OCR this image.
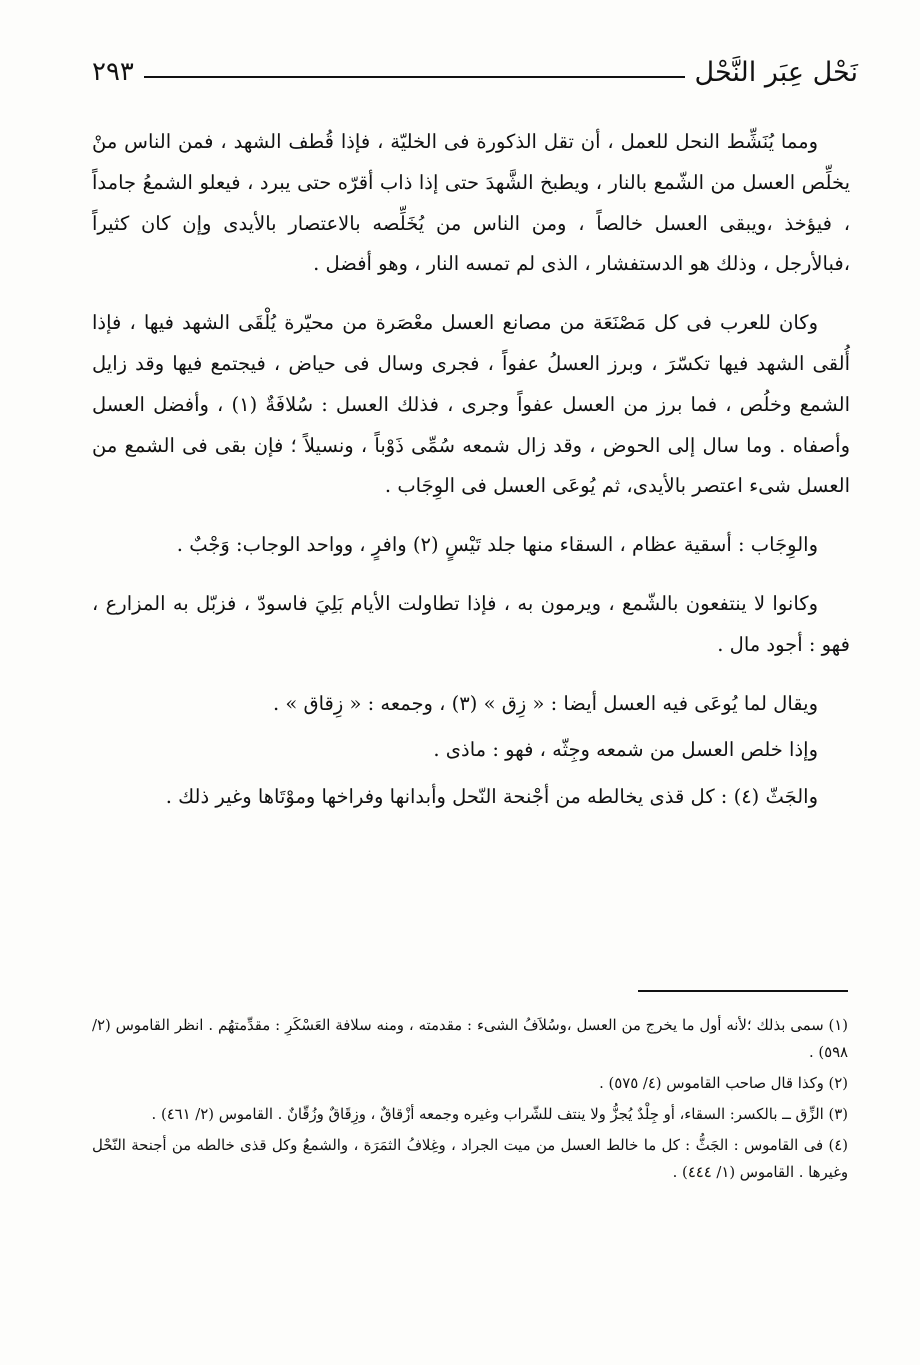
نَحْل عِبَر النَّحْل
٢٩٣

ومما يُنَشِّط النحل للعمل ، أن تقل الذكورة فى الخليّة ، فإذا قُطف الشهد ، فمن الناس منْ يخلِّص العسل من الشّمع بالنار ، ويطبخ الشَّهدَ حتى إذا ذاب أقرّه حتى يبرد ، فيعلو الشمعُ جامداً ، فيؤخذ ،ويبقى العسل خالصاً ، ومن الناس من يُخَلِّصه بالاعتصار بالأيدى وإن كان كثيراً ،فبالأرجل ، وذلك هو الدستفشار ، الذى لم تمسه النار ، وهو أفضل .

وكان للعرب فى كل مَصْنَعَة من مصانع العسل معْصَرة من محيّرة يُلْقَى الشهد فيها ، فإذا أُلقى الشهد فيها تكسّرَ ، وبرز العسلُ عفواً ، فجرى وسال فى حياض ، فيجتمع فيها وقد زايل الشمع وخلُص ، فما برز من العسل عفواً وجرى ، فذلك العسل : سُلافَةٌ (١) ، وأفضل العسل وأصفاه . وما سال إلى الحوض ، وقد زال شمعه سُمِّى ذَوْباً ، ونسيلاً ؛ فإن بقى فى الشمع من العسل شىء اعتصر بالأيدى، ثم يُوعَى العسل فى الوِجَاب .

والوِجَاب : أسقية عظام ، السقاء منها جلد تَيْسٍ (٢) وافرٍ ، وواحد الوجاب: وَجْبٌ .

وكانوا لا ينتفعون بالشّمع ، ويرمون به ، فإذا تطاولت الأيام بَلِيَ فاسودّ ، فزبّل به المزارع ، فهو : أجود مال .

ويقال لما يُوعَى فيه العسل أيضا : « زِق » (٣) ، وجمعه : « زِقاق » .

وإذا خلص العسل من شمعه وجِثّه ، فهو : ماذى .

والجَثّ (٤) : كل قذى يخالطه من أجْنحة النّحل وأبدانها وفراخها وموْتَاها وغير ذلك .

(١) سمى بذلك ؛لأنه أول ما يخرج من العسل ،وسُلاَفُ الشىء : مقدمته ، ومنه سلافة العَسْكَرِ : مقدِّمتهُم . انظر القاموس (٢/ ٥٩٨) .

(٢) وكذا قال صاحب القاموس (٤/ ٥٧٥) .

(٣) الزِّق ــ بالكسر: السقاء، أو جِلْدٌ يُجزُّ ولا ينتف للشّراب وغيره وجمعه أزْقاقٌ ، وزِقَاقٌ وزُقّانٌ . القاموس (٢/ ٤٦١) .

(٤) فى القاموس : الجَثُّ : كل ما خالط العسل من ميت الجراد ، وغِلافُ الثمَرَة ، والشمعُ وكل قذى خالطه من أجنحة النّحْل وغيرها . القاموس (١/ ٤٤٤) .
